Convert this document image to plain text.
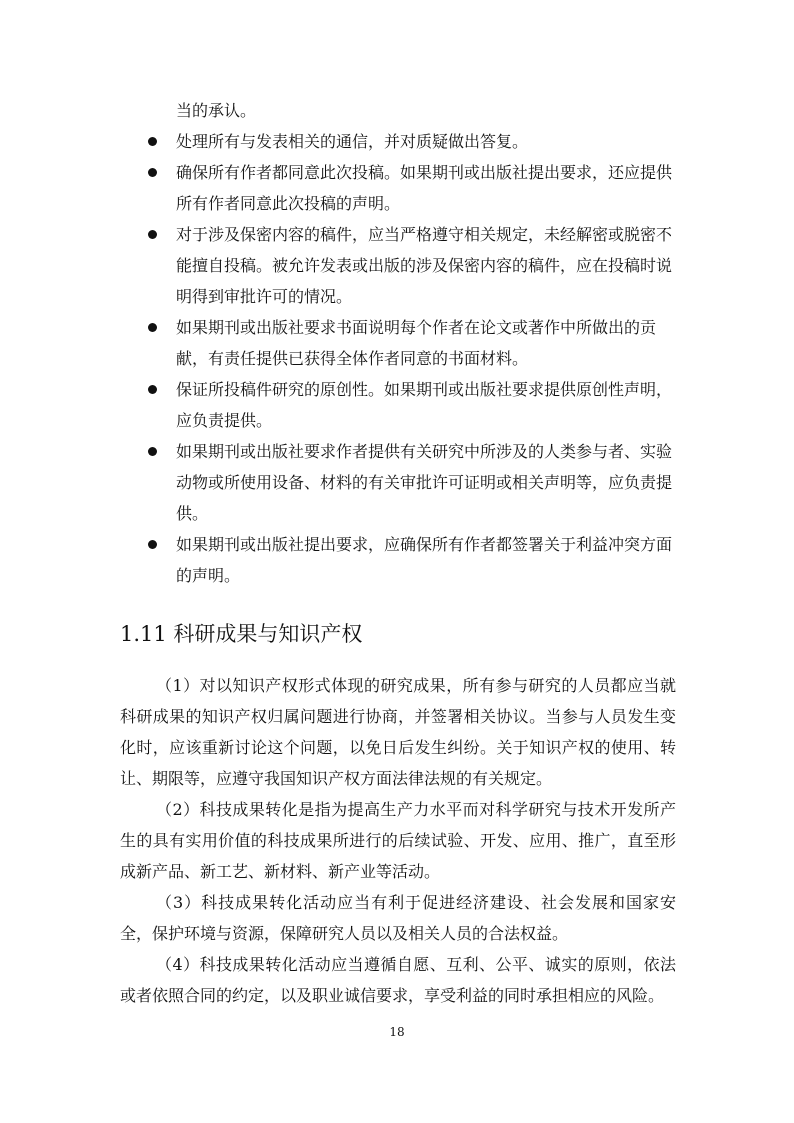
当的承认。

处理所有与发表相关的通信，并对质疑做出答复。
确保所有作者都同意此次投稿。如果期刊或出版社提出要求，还应提供所有作者同意此次投稿的声明。
对于涉及保密内容的稿件，应当严格遵守相关规定，未经解密或脱密不能擅自投稿。被允许发表或出版的涉及保密内容的稿件，应在投稿时说明得到审批许可的情况。
如果期刊或出版社要求书面说明每个作者在论文或著作中所做出的贡献，有责任提供已获得全体作者同意的书面材料。
保证所投稿件研究的原创性。如果期刊或出版社要求提供原创性声明，应负责提供。
如果期刊或出版社要求作者提供有关研究中所涉及的人类参与者、实验动物或所使用设备、材料的有关审批许可证明或相关声明等，应负责提供。
如果期刊或出版社提出要求，应确保所有作者都签署关于利益冲突方面的声明。
1.11 科研成果与知识产权

（1）对以知识产权形式体现的研究成果，所有参与研究的人员都应当就科研成果的知识产权归属问题进行协商，并签署相关协议。当参与人员发生变化时，应该重新讨论这个问题，以免日后发生纠纷。关于知识产权的使用、转让、期限等，应遵守我国知识产权方面法律法规的有关规定。

（2）科技成果转化是指为提高生产力水平而对科学研究与技术开发所产生的具有实用价值的科技成果所进行的后续试验、开发、应用、推广，直至形成新产品、新工艺、新材料、新产业等活动。

（3）科技成果转化活动应当有利于促进经济建设、社会发展和国家安全，保护环境与资源，保障研究人员以及相关人员的合法权益。

（4）科技成果转化活动应当遵循自愿、互利、公平、诚实的原则，依法或者依照合同的约定，以及职业诚信要求，享受利益的同时承担相应的风险。

18
